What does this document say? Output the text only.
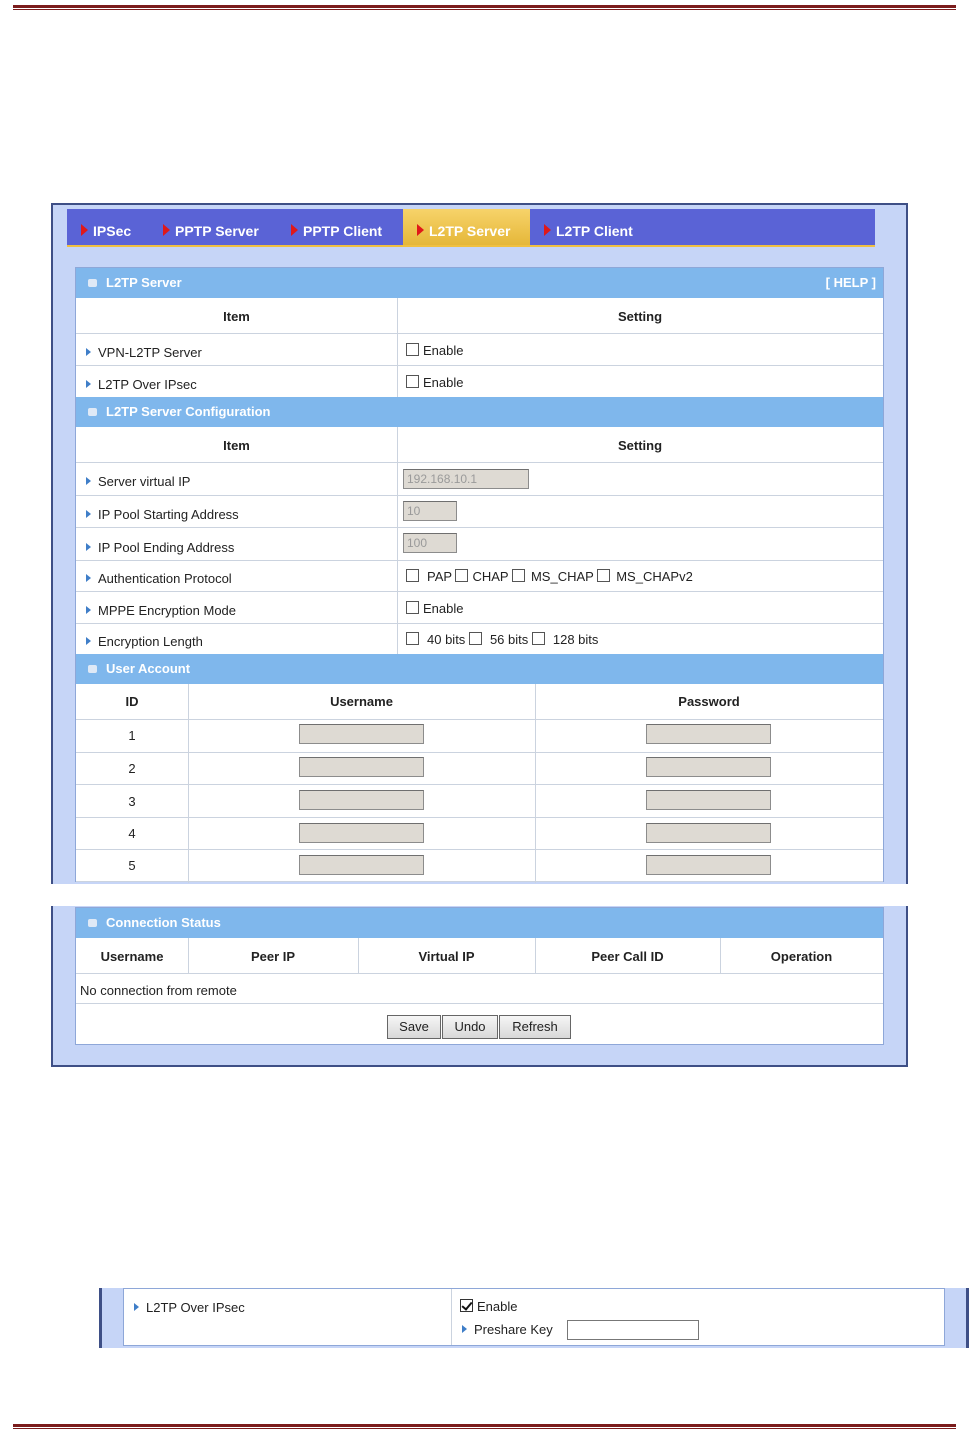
IPSec	PPTP Server	PPTP Client	L2TP Server	L2TP Client
L2TP Server	[ HELP ]
Item	Setting
VPN-L2TP Server	Enable
L2TP Over IPsec	Enable
L2TP Server Configuration
Item	Setting
Server virtual IP	192.168.10.1
IP Pool Starting Address	10
IP Pool Ending Address	100
Authentication Protocol	PAP CHAP MS_CHAP MS_CHAPv2
MPPE Encryption Mode	Enable
Encryption Length	40 bits 56 bits 128 bits
User Account
ID	Username	Password
1
2
3
4
5
Connection Status
Username	Peer IP	Virtual IP	Peer Call ID	Operation
No connection from remote
Save	Undo	Refresh
L2TP Over IPsec	Enable
Preshare Key
